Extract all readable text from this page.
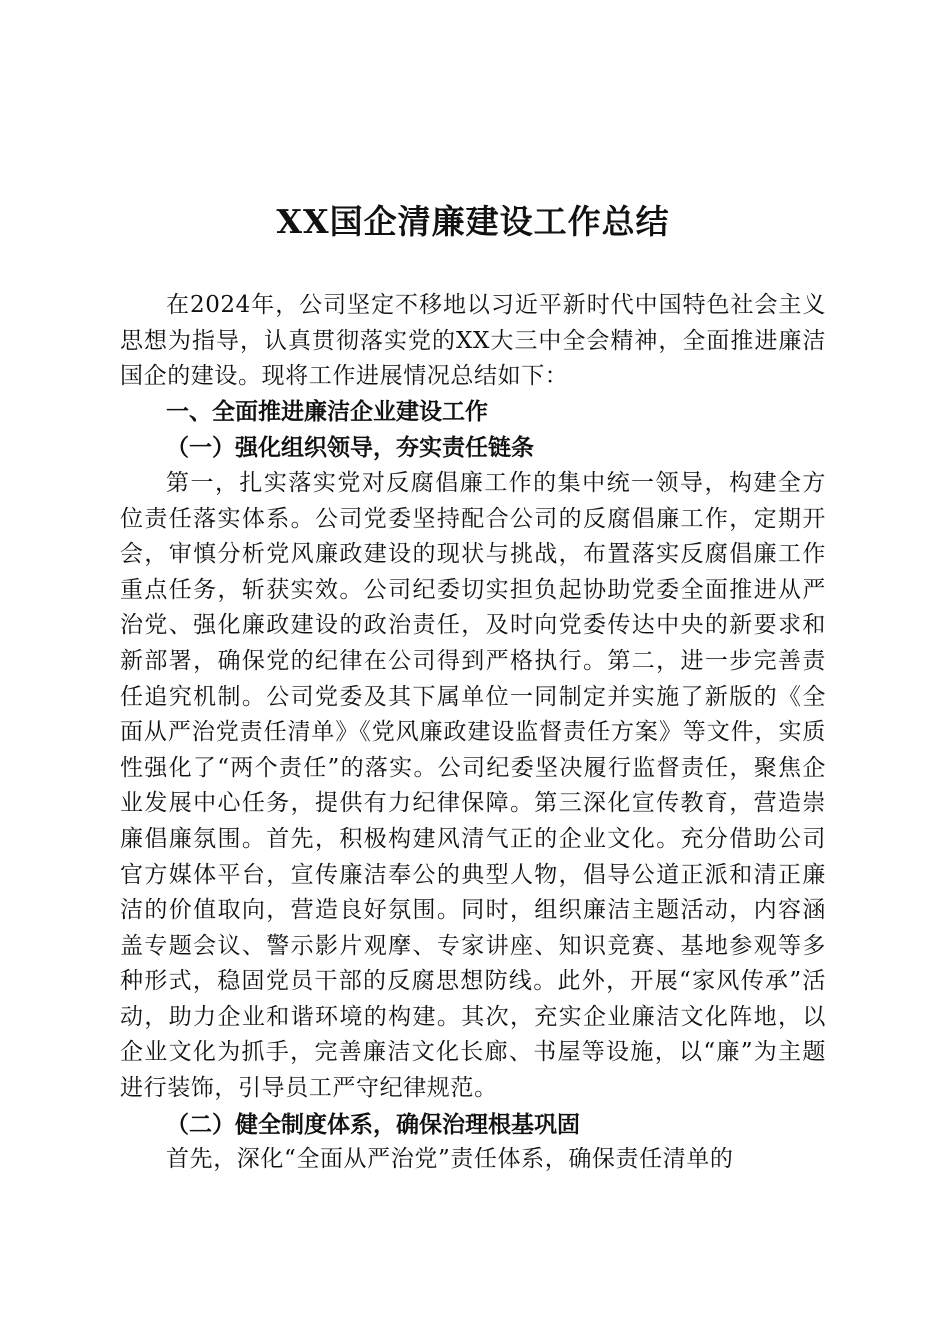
XX国企清廉建设工作总结

在2024年，公司坚定不移地以习近平新时代中国特色社会主义思想为指导，认真贯彻落实党的XX大三中全会精神，全面推进廉洁国企的建设。现将工作进展情况总结如下：

一、全面推进廉洁企业建设工作

（一）强化组织领导，夯实责任链条

第一，扎实落实党对反腐倡廉工作的集中统一领导，构建全方位责任落实体系。公司党委坚持配合公司的反腐倡廉工作，定期开会，审慎分析党风廉政建设的现状与挑战，布置落实反腐倡廉工作重点任务，斩获实效。公司纪委切实担负起协助党委全面推进从严治党、强化廉政建设的政治责任，及时向党委传达中央的新要求和新部署，确保党的纪律在公司得到严格执行。第二，进一步完善责任追究机制。公司党委及其下属单位一同制定并实施了新版的《全面从严治党责任清单》《党风廉政建设监督责任方案》等文件，实质性强化了“两个责任”的落实。公司纪委坚决履行监督责任，聚焦企业发展中心任务，提供有力纪律保障。第三深化宣传教育，营造崇廉倡廉氛围。首先，积极构建风清气正的企业文化。充分借助公司官方媒体平台，宣传廉洁奉公的典型人物，倡导公道正派和清正廉洁的价值取向，营造良好氛围。同时，组织廉洁主题活动，内容涵盖专题会议、警示影片观摩、专家讲座、知识竞赛、基地参观等多种形式，稳固党员干部的反腐思想防线。此外，开展“家风传承”活动，助力企业和谐环境的构建。其次，充实企业廉洁文化阵地，以企业文化为抓手，完善廉洁文化长廊、书屋等设施，以“廉”为主题进行装饰，引导员工严守纪律规范。

（二）健全制度体系，确保治理根基巩固

首先，深化“全面从严治党”责任体系，确保责任清单的
